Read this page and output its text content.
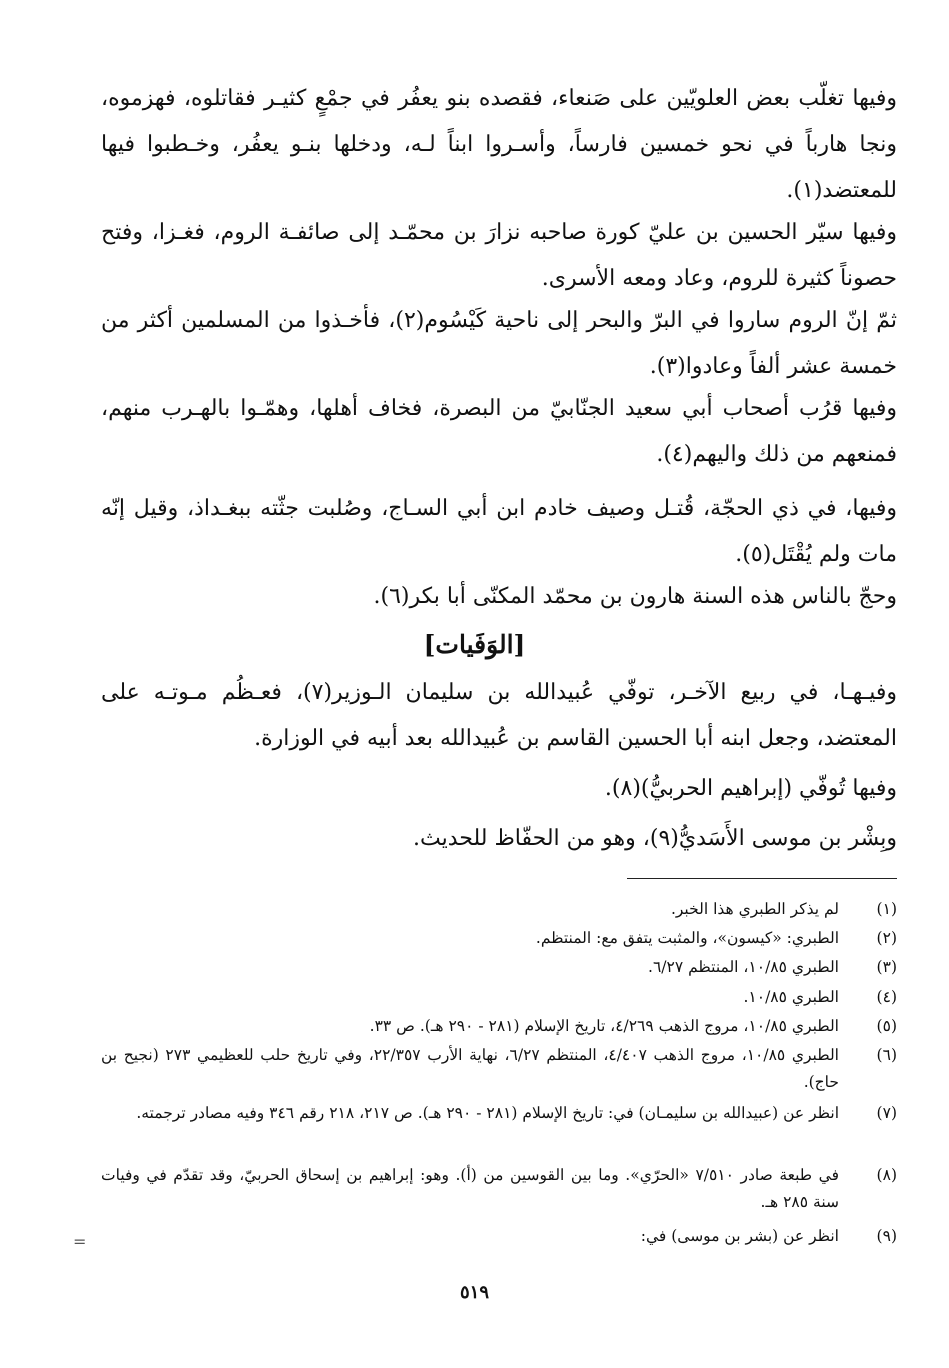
وفيها تغلّب بعض العلويّين على صَنعاء، فقصده بنو يعفُر في جمْعٍ كثيـر فقاتلوه، فهزموه، ونجا هارباً في نحو خمسين فارساً، وأسـروا ابناً لـه، ودخلها بنـو يعفُر، وخـطبوا فيها للمعتضد(١).

وفيها سيّر الحسين بن عليّ كورة صاحبه نزارَ بن محمّـد إلى صائفـة الروم، فغـزا، وفتح حصوناً كثيرة للروم، وعاد ومعه الأسرى.

ثمّ إنّ الروم ساروا في البرّ والبحر إلى ناحية كَيْسُوم(٢)، فأخـذوا من المسلمين أكثر من خمسة عشر ألفاً وعادوا(٣).

وفيها قرُب أصحاب أبي سعيد الجنّابيّ من البصرة، فخاف أهلها، وهمّـوا بالهـرب منهم، فمنعهم من ذلك واليهم(٤).

وفيها، في ذي الحجّة، قُتـل وصيف خادم ابن أبي السـاج، وصُلبت جثّته ببغـداذ، وقيل إنّه مات ولم يُقْتَل(٥).

وحجّ بالناس هذه السنة هارون بن محمّد المكنّى أبا بكر(٦).

[الوَفَيات]

وفيـهـا، في ربيع الآخـر، توفّي عُبيدالله بن سليمان الـوزير(٧)، فعـظُم مـوتـه على المعتضد، وجعل ابنه أبا الحسين القاسم بن عُبيدالله بعد أبيه في الوزارة.

وفيها تُوفّي (إبراهيم الحربيُّ)(٨).

وبِشْر بن موسى الأَسَديُّ(٩)، وهو من الحفّاظ للحديث.

(١)
لم يذكر الطبري هذا الخبر.
(٢)
الطبري: «كيسون»، والمثبت يتفق مع: المنتظم.
(٣)
الطبري ١٠/٨٥، المنتظم ٦/٢٧.
(٤)
الطبري ١٠/٨٥.
(٥)
الطبري ١٠/٨٥، مروج الذهب ٤/٢٦٩، تاريخ الإسلام (٢٨١ - ٢٩٠ هـ). ص ٣٣.
(٦)
الطبري ١٠/٨٥، مروج الذهب ٤/٤٠٧، المنتظم ٦/٢٧، نهاية الأرب ٢٢/٣٥٧، وفي تاريخ حلب للعظيمي ٢٧٣ (نجيح بن حاج).
(٧)
انظر عن (عبيدالله بن سليمـان) في: تاريخ الإسلام (٢٨١ - ٢٩٠ هـ). ص ٢١٧، ٢١٨ رقم ٣٤٦ وفيه مصادر ترجمته.
(٨)
في طبعة صادر ٧/٥١٠ «الحرّي». وما بين القوسين من (أ). وهو: إبراهيم بن إسحاق الحربيّ، وقد تقدّم في وفيات سنة ٢٨٥ هـ.
(٩)
انظر عن (بشر بن موسى) في:
=
٥١٩
